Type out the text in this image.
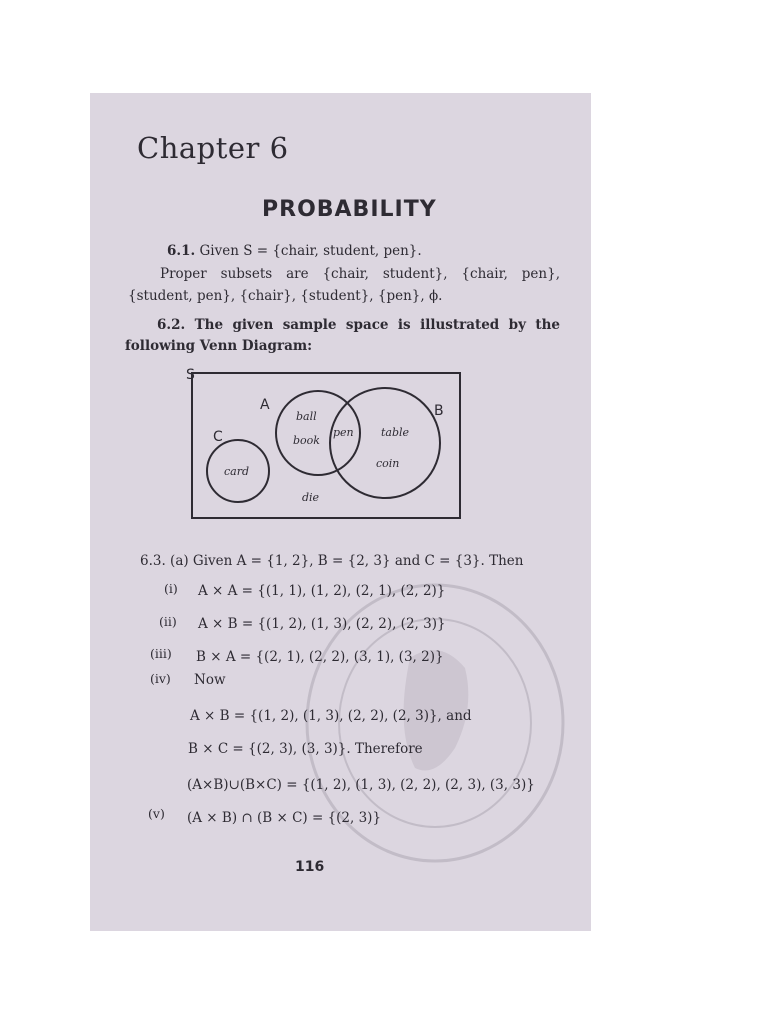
Chapter 6
PROBABILITY
6.1. Given S = {chair, student, pen}.
Proper subsets are {chair, student}, {chair, pen},
{student, pen}, {chair}, {student}, {pen}, ϕ.
6.2. The given sample space is illustrated by the
following Venn Diagram:
S
A	B
C
ball
book
pen table
coin
card
die
6.3. (a) Given A = {1, 2}, B = {2, 3} and C = {3}. Then
(i) A × A = {(1, 1), (1, 2), (2, 1), (2, 2)}
(ii) A × B = {(1, 2), (1, 3), (2, 2), (2, 3)}
(iii) B × A = {(2, 1), (2, 2), (3, 1), (3, 2)}
(iv) Now
A × B = {(1, 2), (1, 3), (2, 2), (2, 3)}, and
B × C = {(2, 3), (3, 3)}. Therefore
(A×B)∪(B×C) = {(1, 2), (1, 3), (2, 2), (2, 3), (3, 3)}
(v) (A × B) ∩ (B × C) = {(2, 3)}
116
